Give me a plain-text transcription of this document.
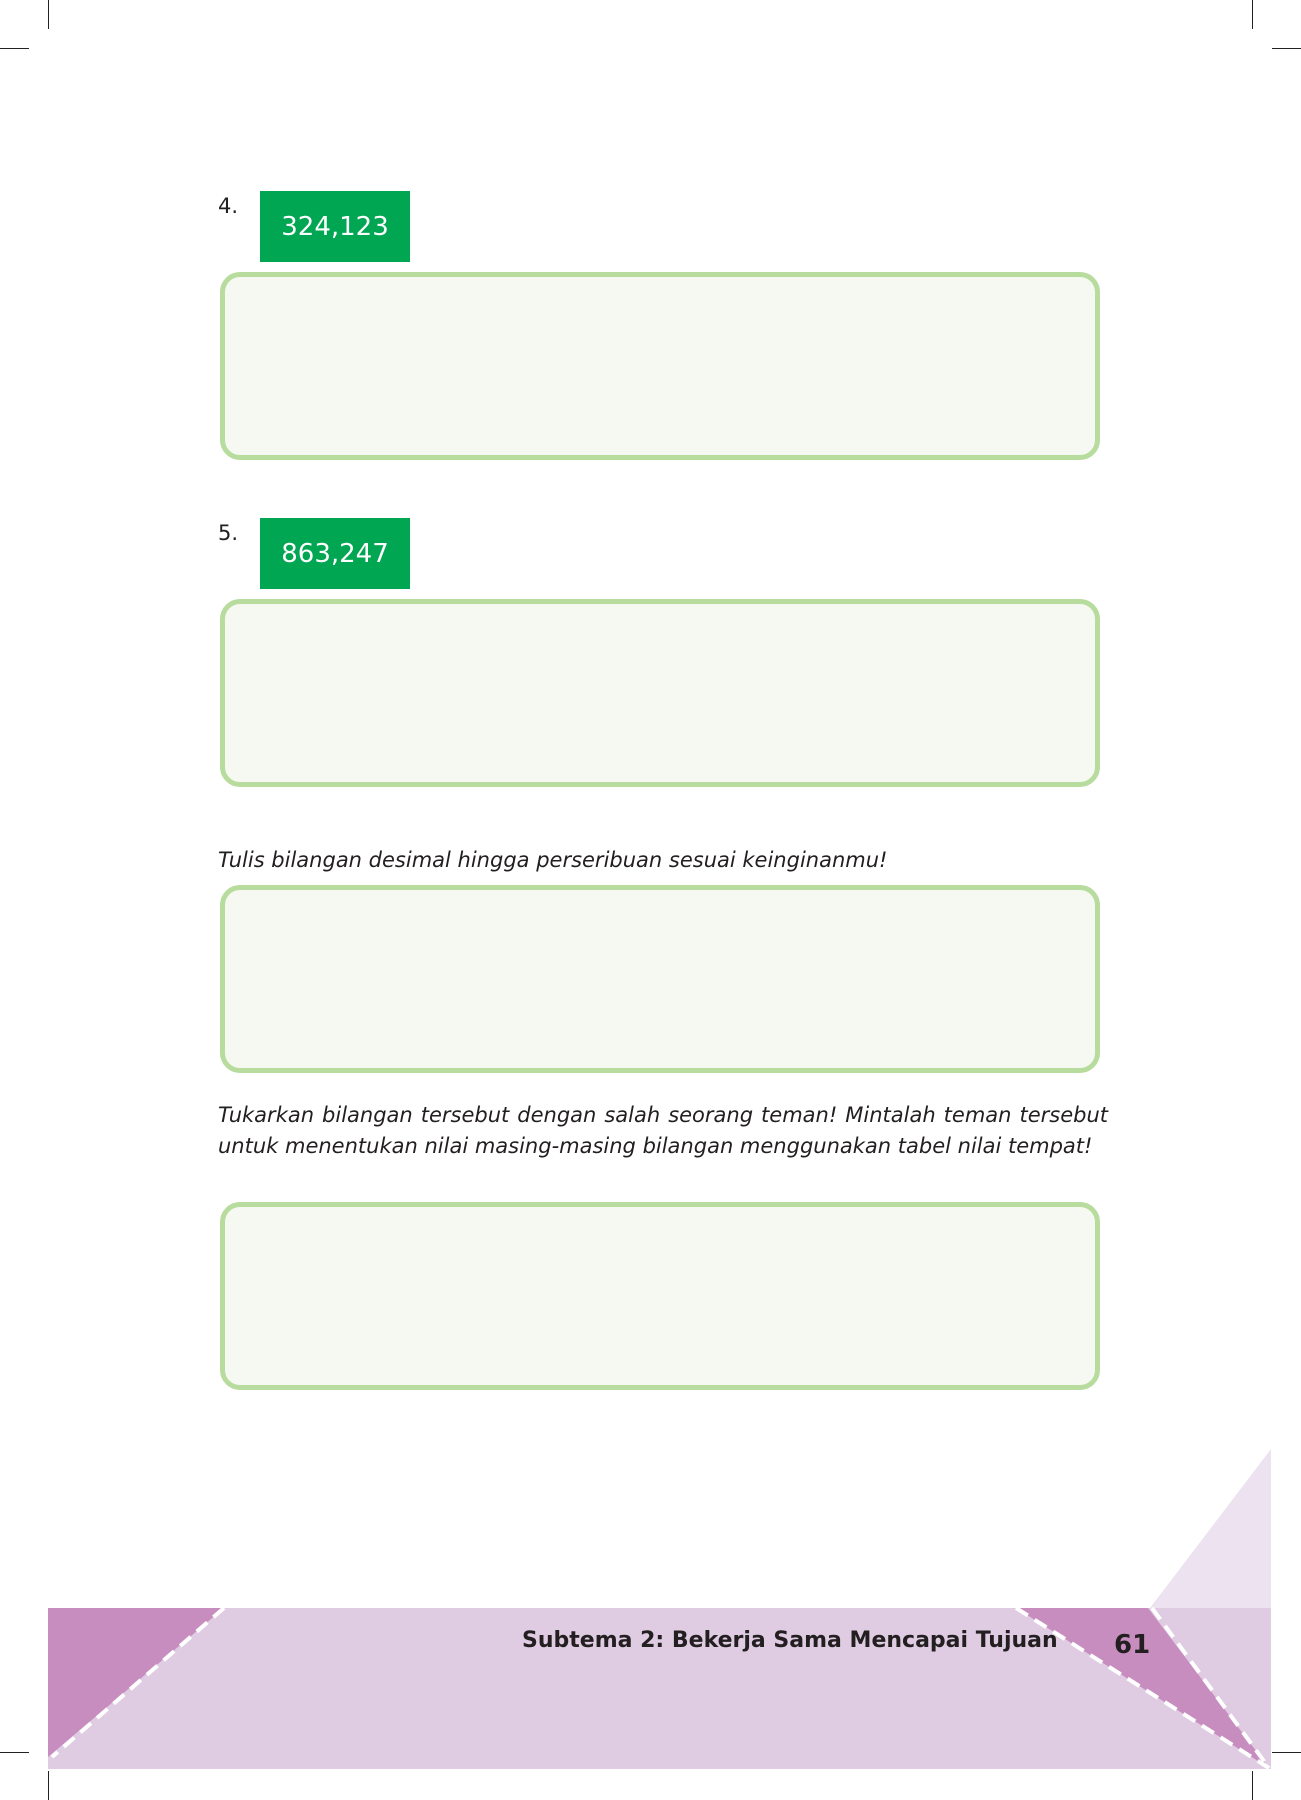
4.
324,123
5.
863,247
Tulis bilangan desimal hingga perseribuan sesuai keinginanmu!
Tukarkan bilangan tersebut dengan salah seorang teman! Mintalah teman tersebut untuk menentukan nilai masing-masing bilangan menggunakan tabel nilai tempat!
Subtema 2: Bekerja Sama Mencapai Tujuan 61
